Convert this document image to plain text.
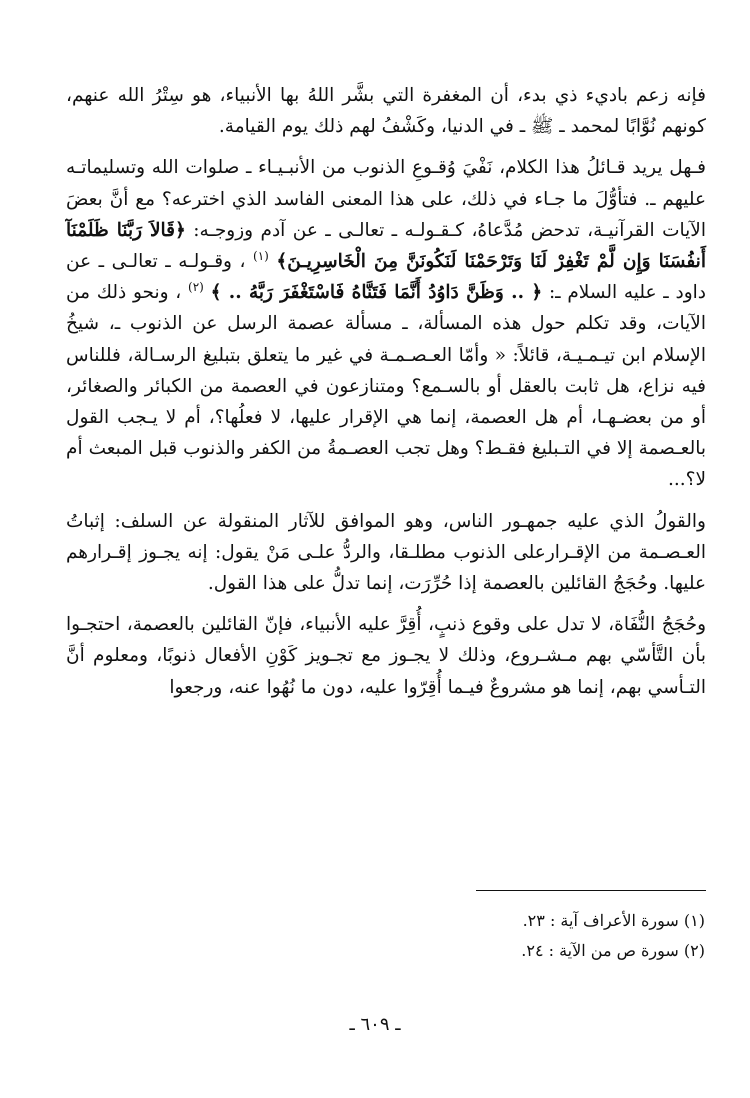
فإنه زعم باديء ذي بدء، أن المغفرة التي بشَّر اللهُ بها الأنبياء، هو سِتْرُ الله عنهم، كونهم نُوَّابًا لمحمد ـ ﷺ ـ في الدنيا، وكَشْفُ لهم ذلك يوم القيامة.

فـهل يريد قـائلُ هذا الكلام، نَفْيَ وُقـوعِ الذنوب من الأنبـيـاء ـ صلوات الله وتسليماتـه عليهم ـ. فتأوُّلَ ما جـاء في ذلك، على هذا المعنى الفاسد الذي اخترعه؟ مع أنَّ بعضَ الآيات القرآنيـة، تدحض مُدَّعاهُ، كـقـولـه ـ تعالـى ـ عن آدم وزوجـه: ﴿قَالاَ رَبَّنَا ظَلَمْنَآ أَنفُسَنَا وَإِن لَّمْ تَغْفِرْ لَنَا وَتَرْحَمْنَا لَنَكُونَنَّ مِنَ الْخَاسِرِيـنَ﴾ $^{(١)}$ ، وقـولـه ـ تعالـى ـ عن داود ـ عليه السلام ـ: ﴿ .. وَظَنَّ دَاوُدُ أَنَّمَا فَتَنَّاهُ فَاسْتَغْفَرَ رَبَّهُ .. ﴾ $^{(٢)}$ ، ونحو ذلك من الآيات، وقد تكلم حول هذه المسألة، ـ مسألة عصمة الرسل عن الذنوب ـ، شيخُ الإسلام ابن تيـمـيـة، قائلاً: « وأمّا العـصـمـة في غير ما يتعلق بتبليغ الرسـالة، فللناس فيه نزاع، هل ثابت بالعقل أو بالسـمع؟ ومتنازعون في العصمة من الكبائر والصغائر، أو من بعضـهـا، أم هل العصمة، إنما هي الإقرار عليها، لا فعلُها؟، أم لا يـجب القول بالعـصمة إلا في التـبليغ فقـط؟ وهل تجب العصـمةُ من الكفر والذنوب قبل المبعث أم لا؟...

والقولُ الذي عليه جمهـور الناس، وهو الموافق للآثار المنقولة عن السلف: إثباتُ العـصـمة من الإقـرارعلى الذنوب مطلـقا، والردُّ علـى مَنْ يقول: إنه يجـوز إقـرارهم عليها. وحُجَجُ القائلين بالعصمة إذا حُرِّرَت، إنما تدلُّ على هذا القول.

وحُجَجُ النُّفَاة، لا تدل على وقوع ذنبٍ، أُقِرَّ عليه الأنبياء، فإنّ القائلين بالعصمة، احتجـوا بأن التَّأسّي بهم مـشـروع، وذلك لا يجـوز مع تجـويز كَوْنِ الأفعال ذنوبًا، ومعلوم أنَّ التـأسي بهم، إنما هو مشروعٌ فيـما أُقِرّوا عليه، دون ما نُهُوا عنه، ورجعوا

(١) سورة الأعراف آية : ٢٣.
(٢) سورة ص من الآية : ٢٤.
ـ ٦٠٩ ـ
